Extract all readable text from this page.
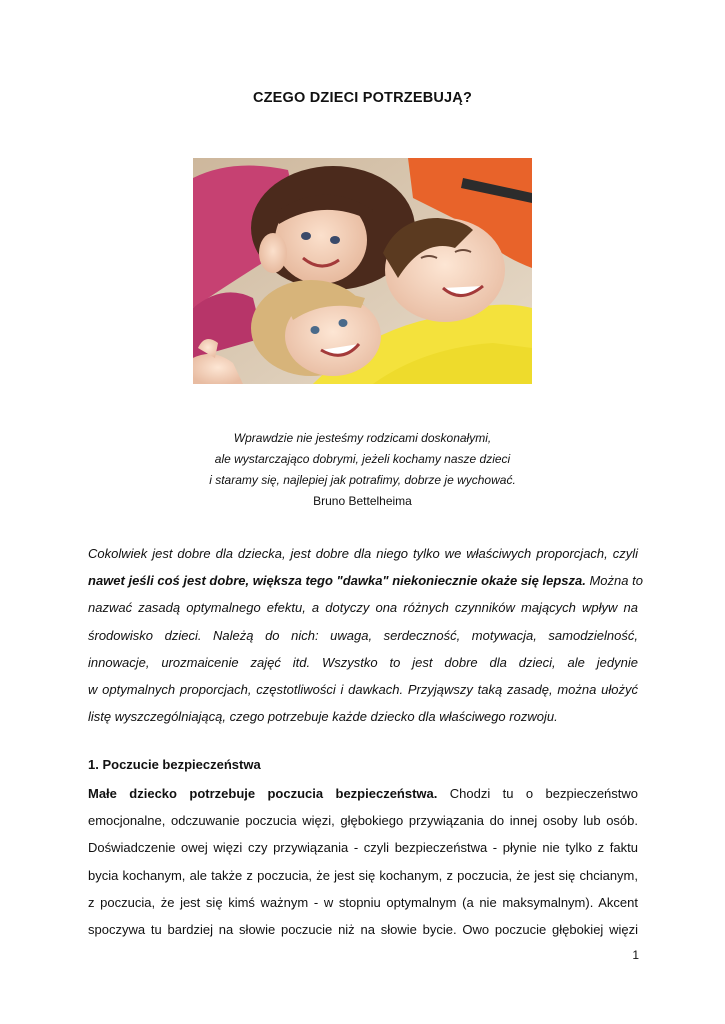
CZEGO DZIECI POTRZEBUJĄ?
Wprawdzie nie jesteśmy rodzicami doskonałymi,
ale wystarczająco dobrymi, jeżeli kochamy nasze dzieci
i staramy się, najlepiej jak potrafimy, dobrze je wychować.
Bruno Bettelheima
Cokolwiek jest dobre dla dziecka, jest dobre dla niego tylko we właściwych proporcjach, czyli
nawet jeśli coś jest dobre, większa tego "dawka" niekoniecznie okaże się lepsza. Można to
nazwać zasadą optymalnego efektu, a dotyczy ona różnych czynników mających wpływ na
środowisko dzieci. Należą do nich: uwaga, serdeczność, motywacja, samodzielność,
innowacje, urozmaicenie zajęć itd. Wszystko to jest dobre dla dzieci, ale jedynie
w optymalnych proporcjach, częstotliwości i dawkach. Przyjąwszy taką zasadę, można ułożyć
listę wyszczególniającą, czego potrzebuje każde dziecko dla właściwego rozwoju.
1. Poczucie bezpieczeństwa
Małe dziecko potrzebuje poczucia bezpieczeństwa. Chodzi tu o bezpieczeństwo
emocjonalne, odczuwanie poczucia więzi, głębokiego przywiązania do innej osoby lub osób.
Doświadczenie owej więzi czy przywiązania - czyli bezpieczeństwa - płynie nie tylko z faktu
bycia kochanym, ale także z poczucia, że jest się kochanym, z poczucia, że jest się chcianym,
z poczucia, że jest się kimś ważnym - w stopniu optymalnym (a nie maksymalnym). Akcent
spoczywa tu bardziej na słowie poczucie niż na słowie bycie. Owo poczucie głębokiej więzi
1
